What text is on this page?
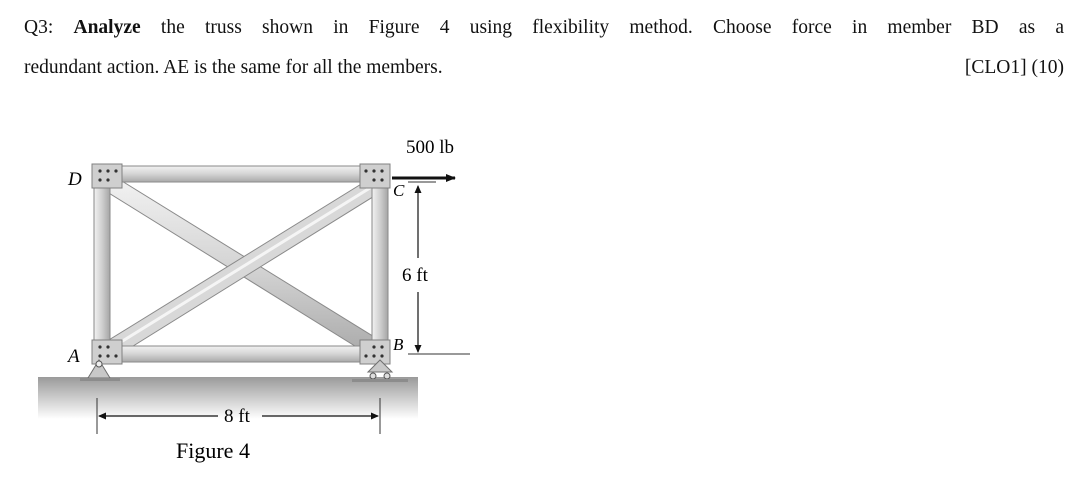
Q3: Analyze the truss shown in Figure 4 using flexibility method. Choose force in member BD as a
redundant action. AE is the same for all the members.	[CLO1] (10)
D
A
C
B
500 lb
6 ft
8 ft
Figure 4
